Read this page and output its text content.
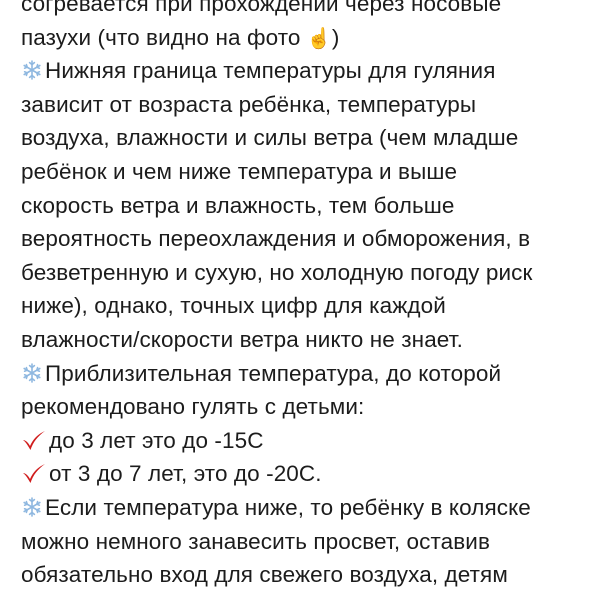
согревается при прохождении через носовые
пазухи (что видно на фото ☝)
Нижняя граница температуры для гуляния
зависит от возраста ребёнка, температуры
воздуха, влажности и силы ветра (чем младше
ребёнок и чем ниже температура и выше
скорость ветра и влажность, тем больше
вероятность переохлаждения и обморожения, в
безветренную и сухую, но холодную погоду риск
ниже), однако, точных цифр для каждой
влажности/скорости ветра никто не знает.
Приблизительная температура, до которой
рекомендовано гулять с детьми:
до 3 лет это до -15С
от 3 до 7 лет, это до -20С.
Если температура ниже, то ребёнку в коляске
можно немного занавесить просвет, оставив
обязательно вход для свежего воздуха, детям
